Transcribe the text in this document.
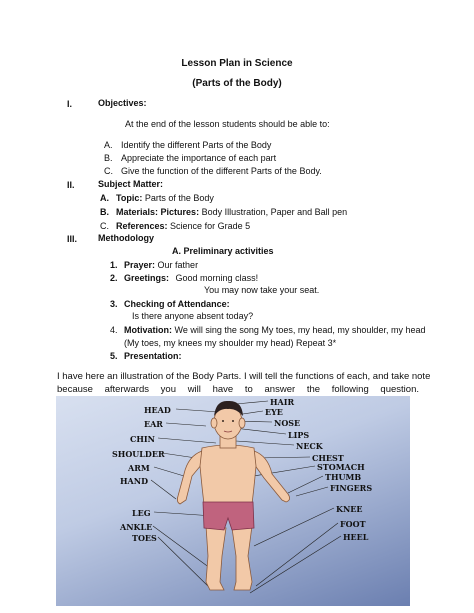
Lesson Plan in Science
(Parts of the Body)
I.	Objectives:
At the end of the lesson students should be able to:
A. Identify the different Parts of the Body
B. Appreciate the importance of each part
C. Give the function of the different Parts of the Body.
II.	Subject Matter:
A. Topic: Parts of the Body
B. Materials: Pictures: Body Illustration, Paper and Ball pen
C. References: Science for Grade 5
III. Methodology
A. Preliminary activities
1. Prayer: Our father
2. Greetings: Good morning class!
You may now take your seat.
3. Checking of Attendance:
Is there anyone absent today?
4. Motivation: We will sing the song My toes, my head, my shoulder, my head
(My toes, my knees my shoulder my head) Repeat 3*
5. Presentation:
I have here an illustration of the Body Parts. I will tell the functions of each, and take note
because afterwards you will have to answer the following question.
HEAD
EAR
CHIN
SHOULDER
ARM
HAND
LEG
ANKLE
TOES
HAIR
EYE
NOSE
LIPS
NECK
CHEST
STOMACH
THUMB
FINGERS
KNEE
FOOT
HEEL
